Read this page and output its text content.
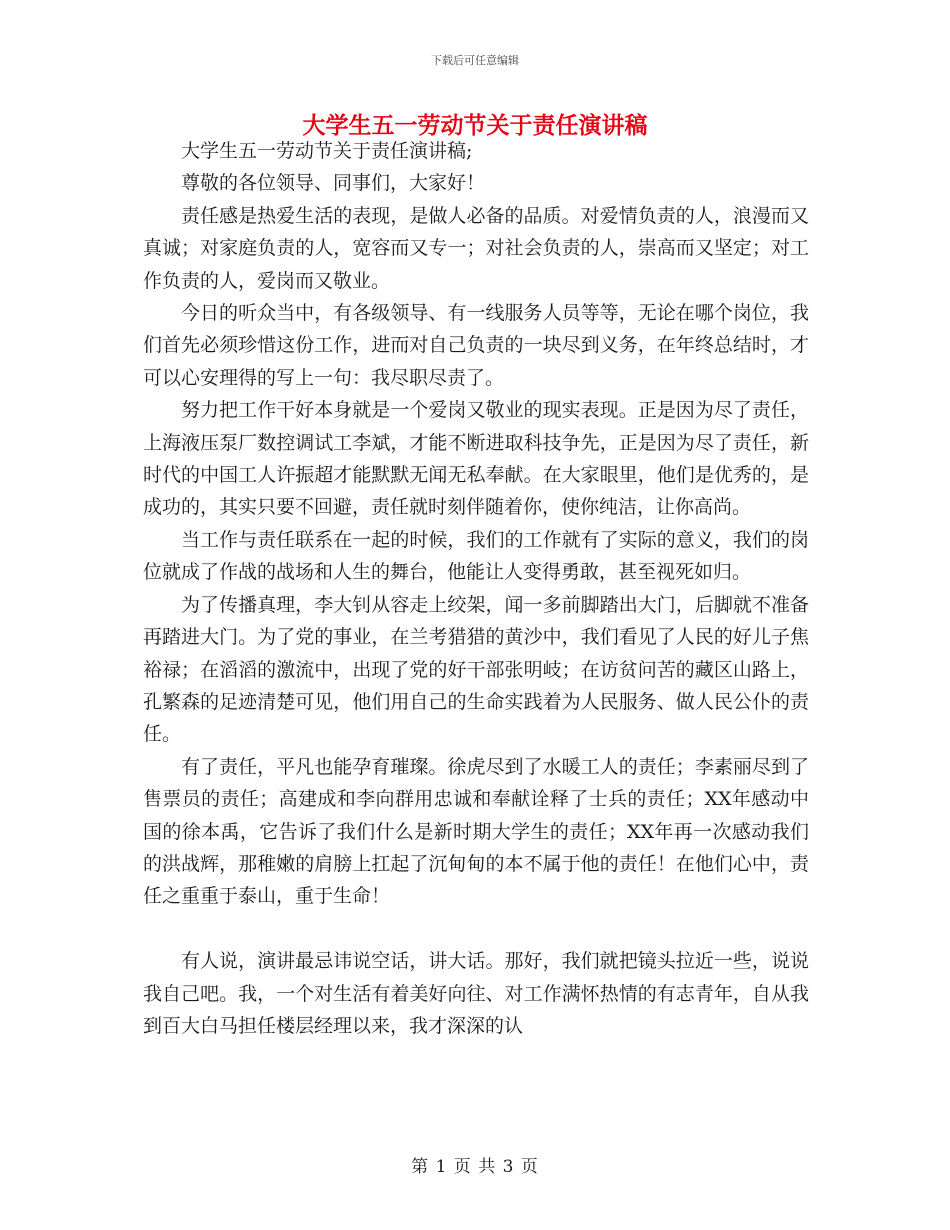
下载后可任意编辑
大学生五一劳动节关于责任演讲稿

大学生五一劳动节关于责任演讲稿;

尊敬的各位领导、同事们，大家好！

责任感是热爱生活的表现，是做人必备的品质。对爱情负责的人，浪漫而又真诚；对家庭负责的人，宽容而又专一；对社会负责的人，崇高而又坚定；对工作负责的人，爱岗而又敬业。

今日的听众当中，有各级领导、有一线服务人员等等，无论在哪个岗位，我们首先必须珍惜这份工作，进而对自己负责的一块尽到义务，在年终总结时，才可以心安理得的写上一句：我尽职尽责了。

努力把工作干好本身就是一个爱岗又敬业的现实表现。正是因为尽了责任，上海液压泵厂数控调试工李斌，才能不断进取科技争先，正是因为尽了责任，新时代的中国工人许振超才能默默无闻无私奉献。在大家眼里，他们是优秀的，是成功的，其实只要不回避，责任就时刻伴随着你，使你纯洁，让你高尚。

当工作与责任联系在一起的时候，我们的工作就有了实际的意义，我们的岗位就成了作战的战场和人生的舞台，他能让人变得勇敢，甚至视死如归。

为了传播真理，李大钊从容走上绞架，闻一多前脚踏出大门，后脚就不准备再踏进大门。为了党的事业，在兰考猎猎的黄沙中，我们看见了人民的好儿子焦裕禄；在滔滔的激流中，出现了党的好干部张明岐；在访贫问苦的藏区山路上，孔繁森的足迹清楚可见，他们用自己的生命实践着为人民服务、做人民公仆的责任。

有了责任，平凡也能孕育璀璨。徐虎尽到了水暖工人的责任；李素丽尽到了售票员的责任；高建成和李向群用忠诚和奉献诠释了士兵的责任；XX年感动中国的徐本禹，它告诉了我们什么是新时期大学生的责任；XX年再一次感动我们的洪战辉，那稚嫩的肩膀上扛起了沉甸甸的本不属于他的责任！在他们心中，责任之重重于泰山，重于生命！

有人说，演讲最忌讳说空话，讲大话。那好，我们就把镜头拉近一些，说说我自己吧。我，一个对生活有着美好向往、对工作满怀热情的有志青年，自从我到百大白马担任楼层经理以来，我才深深的认

第 1 页 共 3 页
